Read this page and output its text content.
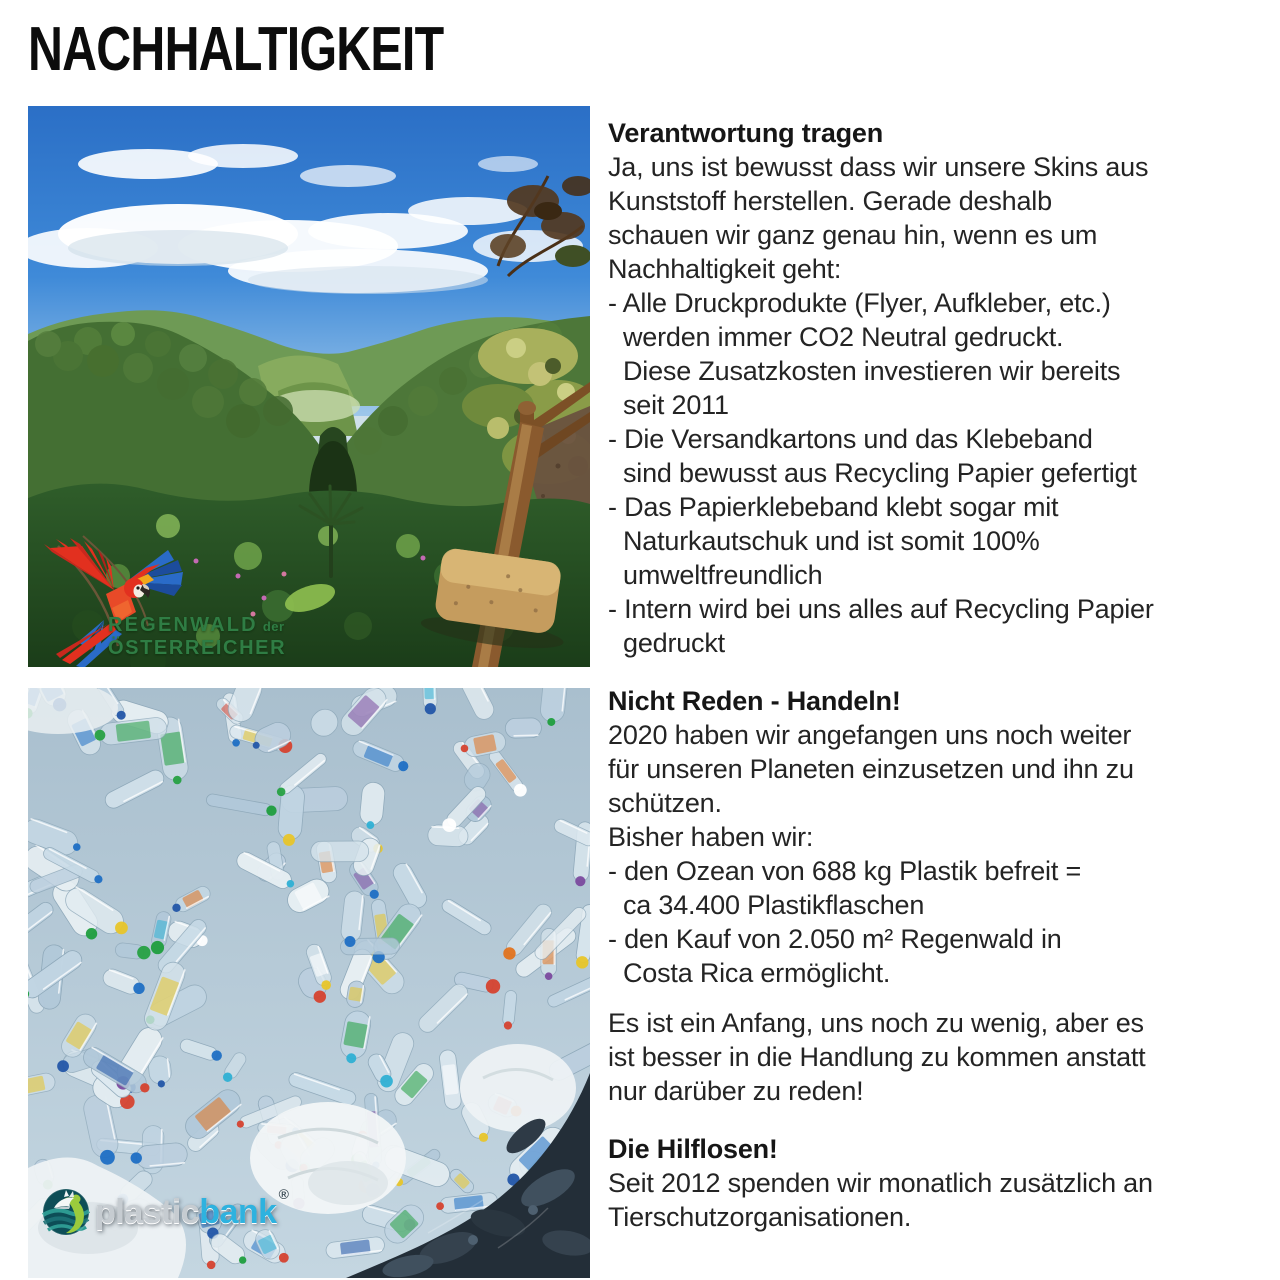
NACHHALTIGKEIT
REGENWALD der
ÖSTERREICHER
plasticbank ®

Verantwortung tragen

Ja, uns ist bewusst dass wir unsere Skins aus

Kunststoff herstellen. Gerade deshalb

schauen wir ganz genau hin, wenn es um

Nachhaltigkeit geht:

- Alle Druckprodukte (Flyer, Aufkleber, etc.)

werden immer CO2 Neutral gedruckt.

Diese Zusatzkosten investieren wir bereits

seit 2011

- Die Versandkartons und das Klebeband

sind bewusst aus Recycling Papier gefertigt

- Das Papierklebeband klebt sogar mit

Naturkautschuk und ist somit 100%

umweltfreundlich

- Intern wird bei uns alles auf Recycling Papier

gedruckt

Nicht Reden - Handeln!

2020 haben wir angefangen uns noch weiter

für unseren Planeten einzusetzen und ihn zu

schützen.

Bisher haben wir:

- den Ozean von 688 kg Plastik befreit =

ca 34.400 Plastikflaschen

- den Kauf von 2.050 m² Regenwald in

Costa Rica ermöglicht.

Es ist ein Anfang, uns noch zu wenig, aber es

ist besser in die Handlung zu kommen anstatt

nur darüber zu reden!

Die Hilflosen!

Seit 2012 spenden wir monatlich zusätzlich an

Tierschutzorganisationen.
